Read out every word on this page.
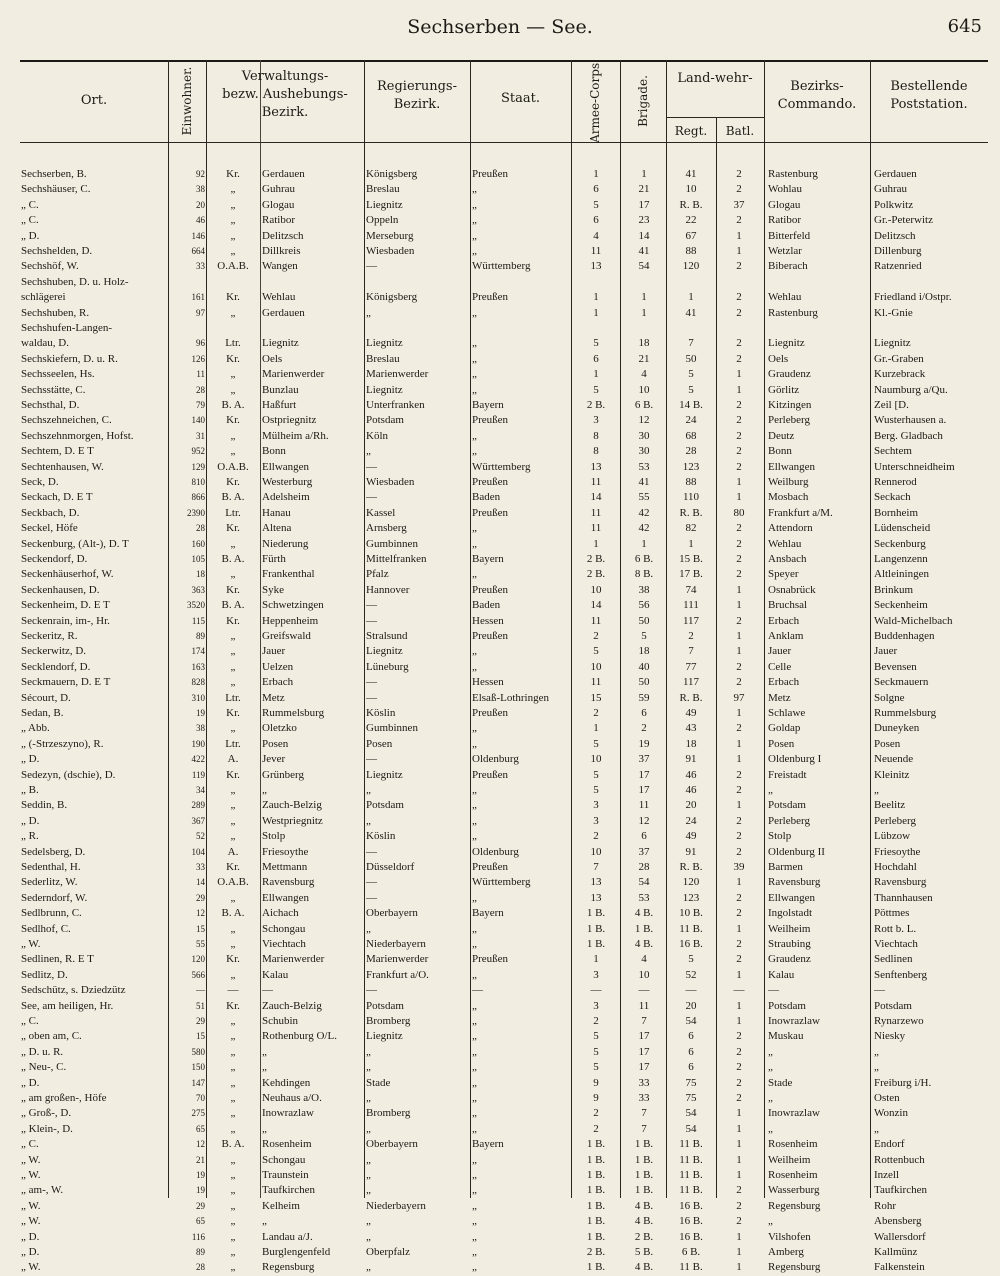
Sechserben — See.	645
Ort.	Einwohner.	Verwaltungs-
bezw. Aushebungs-
Bezirk.
Regierungs-
Bezirk.	Staat.	Armee-Corps.	Brigade.	Land-wehr-
Regt.	Batl.
Bezirks-
Commando.
Bestellende
Poststation.
Sechserben, B.	92	Kr.	Gerdauen	Königsberg	Preußen	1	1	41	2	Rastenburg	Gerdauen
Sechshäuser, C.	38	„	Guhrau	Breslau	„	6	21	10	2	Wohlau	Guhrau
„ C.	20	„	Glogau	Liegnitz	„	5	17	R. B.	37	Glogau	Polkwitz
„ C.	46	„	Ratibor	Oppeln	„	6	23	22	2	Ratibor	Gr.-Peterwitz
„ D.	146	„	Delitzsch	Merseburg	„	4	14	67	1	Bitterfeld	Delitzsch
Sechshelden, D.	664	„	Dillkreis	Wiesbaden	„	11	41	88	1	Wetzlar	Dillenburg
Sechshöf, W.	33	O.A.B.	Wangen	—	Württemberg	13	54	120	2	Biberach	Ratzenried
Sechshuben, D. u. Holz-
schlägerei	161	Kr.	Wehlau	Königsberg	Preußen	1	1	1	2	Wehlau	Friedland i/Ostpr.
Sechshuben, R.	97	„	Gerdauen	„	„	1	1	41	2	Rastenburg	Kl.-Gnie
Sechshufen-Langen-
waldau, D.	96	Ltr.	Liegnitz	Liegnitz	„	5	18	7	2	Liegnitz	Liegnitz
Sechskiefern, D. u. R.	126	Kr.	Oels	Breslau	„	6	21	50	2	Oels	Gr.-Graben
Sechsseelen, Hs.	11	„	Marienwerder	Marienwerder	„	1	4	5	1	Graudenz	Kurzebrack
Sechsstätte, C.	28	„	Bunzlau	Liegnitz	„	5	10	5	1	Görlitz	Naumburg a/Qu.
Sechsthal, D.	79	B. A.	Haßfurt	Unterfranken	Bayern	2 B.	6 B.	14 B.	2	Kitzingen	Zeil [D.
Sechszehneichen, C.	140	Kr.	Ostpriegnitz	Potsdam	Preußen	3	12	24	2	Perleberg	Wusterhausen a.
Sechszehnmorgen, Hofst.	31	„	Mülheim a/Rh.	Köln	„	8	30	68	2	Deutz	Berg. Gladbach
Sechtem, D. E T	952	„	Bonn	„	„	8	30	28	2	Bonn	Sechtem
Sechtenhausen, W.	129	O.A.B.	Ellwangen	—	Württemberg	13	53	123	2	Ellwangen	Unterschneidheim
Seck, D.	810	Kr.	Westerburg	Wiesbaden	Preußen	11	41	88	1	Weilburg	Rennerod
Seckach, D. E T	866	B. A.	Adelsheim	—	Baden	14	55	110	1	Mosbach	Seckach
Seckbach, D.	2390	Ltr.	Hanau	Kassel	Preußen	11	42	R. B.	80	Frankfurt a/M.	Bornheim
Seckel, Höfe	28	Kr.	Altena	Arnsberg	„	11	42	82	2	Attendorn	Lüdenscheid
Seckenburg, (Alt-), D. T	160	„	Niederung	Gumbinnen	„	1	1	1	2	Wehlau	Seckenburg
Seckendorf, D.	105	B. A.	Fürth	Mittelfranken	Bayern	2 B.	6 B.	15 B.	2	Ansbach	Langenzenn
Seckenhäuserhof, W.	18	„	Frankenthal	Pfalz	„	2 B.	8 B.	17 B.	2	Speyer	Altleiningen
Seckenhausen, D.	363	Kr.	Syke	Hannover	Preußen	10	38	74	1	Osnabrück	Brinkum
Seckenheim, D. E T	3520	B. A.	Schwetzingen	—	Baden	14	56	111	1	Bruchsal	Seckenheim
Seckenrain, im-, Hr.	115	Kr.	Heppenheim	—	Hessen	11	50	117	2	Erbach	Wald-Michelbach
Seckeritz, R.	89	„	Greifswald	Stralsund	Preußen	2	5	2	1	Anklam	Buddenhagen
Seckerwitz, D.	174	„	Jauer	Liegnitz	„	5	18	7	1	Jauer	Jauer
Secklendorf, D.	163	„	Uelzen	Lüneburg	„	10	40	77	2	Celle	Bevensen
Seckmauern, D. E T	828	„	Erbach	—	Hessen	11	50	117	2	Erbach	Seckmauern
Sécourt, D.	310	Ltr.	Metz	—	Elsaß-Lothringen	15	59	R. B.	97	Metz	Solgne
Sedan, B.	19	Kr.	Rummelsburg	Köslin	Preußen	2	6	49	1	Schlawe	Rummelsburg
„ Abb.	38	„	Oletzko	Gumbinnen	„	1	2	43	2	Goldap	Duneyken
„ (-Strzeszyno), R.	190	Ltr.	Posen	Posen	„	5	19	18	1	Posen	Posen
„ D.	422	A.	Jever	—	Oldenburg	10	37	91	1	Oldenburg I	Neuende
Sedezyn, (dschie), D.	119	Kr.	Grünberg	Liegnitz	Preußen	5	17	46	2	Freistadt	Kleinitz
„ B.	34	„	„	„	„	5	17	46	2	„	„
Seddin, B.	289	„	Zauch-Belzig	Potsdam	„	3	11	20	1	Potsdam	Beelitz
„ D.	367	„	Westpriegnitz	„	„	3	12	24	2	Perleberg	Perleberg
„ R.	52	„	Stolp	Köslin	„	2	6	49	2	Stolp	Lübzow
Sedelsberg, D.	104	A.	Friesoythe	—	Oldenburg	10	37	91	2	Oldenburg II	Friesoythe
Sedenthal, H.	33	Kr.	Mettmann	Düsseldorf	Preußen	7	28	R. B.	39	Barmen	Hochdahl
Sederlitz, W.	14	O.A.B.	Ravensburg	—	Württemberg	13	54	120	1	Ravensburg	Ravensburg
Sederndorf, W.	29	„	Ellwangen	—	„	13	53	123	2	Ellwangen	Thannhausen
Sedlbrunn, C.	12	B. A.	Aichach	Oberbayern	Bayern	1 B.	4 B.	10 B.	2	Ingolstadt	Pöttmes
Sedlhof, C.	15	„	Schongau	„	„	1 B.	1 B.	11 B.	1	Weilheim	Rott b. L.
„ W.	55	„	Viechtach	Niederbayern	„	1 B.	4 B.	16 B.	2	Straubing	Viechtach
Sedlinen, R. E T	120	Kr.	Marienwerder	Marienwerder	Preußen	1	4	5	2	Graudenz	Sedlinen
Sedlitz, D.	566	„	Kalau	Frankfurt a/O.	„	3	10	52	1	Kalau	Senftenberg
Sedschütz, s. Dziedzütz	—	—	—	—	—	—	—	—	—	—	—
See, am heiligen, Hr.	51	Kr.	Zauch-Belzig	Potsdam	„	3	11	20	1	Potsdam	Potsdam
„ C.	29	„	Schubin	Bromberg	„	2	7	54	1	Inowrazlaw	Rynarzewo
„ oben am, C.	15	„	Rothenburg O/L.	Liegnitz	„	5	17	6	2	Muskau	Niesky
„ D. u. R.	580	„	„	„	„	5	17	6	2	„	„
„ Neu-, C.	150	„	„	„	„	5	17	6	2	„	„
„ D.	147	„	Kehdingen	Stade	„	9	33	75	2	Stade	Freiburg i/H.
„ am großen-, Höfe	70	„	Neuhaus a/O.	„	„	9	33	75	2	„	Osten
„ Groß-, D.	275	„	Inowrazlaw	Bromberg	„	2	7	54	1	Inowrazlaw	Wonzin
„ Klein-, D.	65	„	„	„	„	2	7	54	1	„	„
„ C.	12	B. A.	Rosenheim	Oberbayern	Bayern	1 B.	1 B.	11 B.	1	Rosenheim	Endorf
„ W.	21	„	Schongau	„	„	1 B.	1 B.	11 B.	1	Weilheim	Rottenbuch
„ W.	19	„	Traunstein	„	„	1 B.	1 B.	11 B.	1	Rosenheim	Inzell
„ am-, W.	19	„	Taufkirchen	„	„	1 B.	1 B.	11 B.	2	Wasserburg	Taufkirchen
„ W.	29	„	Kelheim	Niederbayern	„	1 B.	4 B.	16 B.	2	Regensburg	Rohr
„ W.	65	„	„	„	„	1 B.	4 B.	16 B.	2	„	Abensberg
„ D.	116	„	Landau a/J.	„	„	1 B.	2 B.	16 B.	1	Vilshofen	Wallersdorf
„ D.	89	„	Burglengenfeld	Oberpfalz	„	2 B.	5 B.	6 B.	1	Amberg	Kallmünz
„ W.	28	„	Regensburg	„	„	1 B.	4 B.	11 B.	1	Regensburg	Falkenstein
